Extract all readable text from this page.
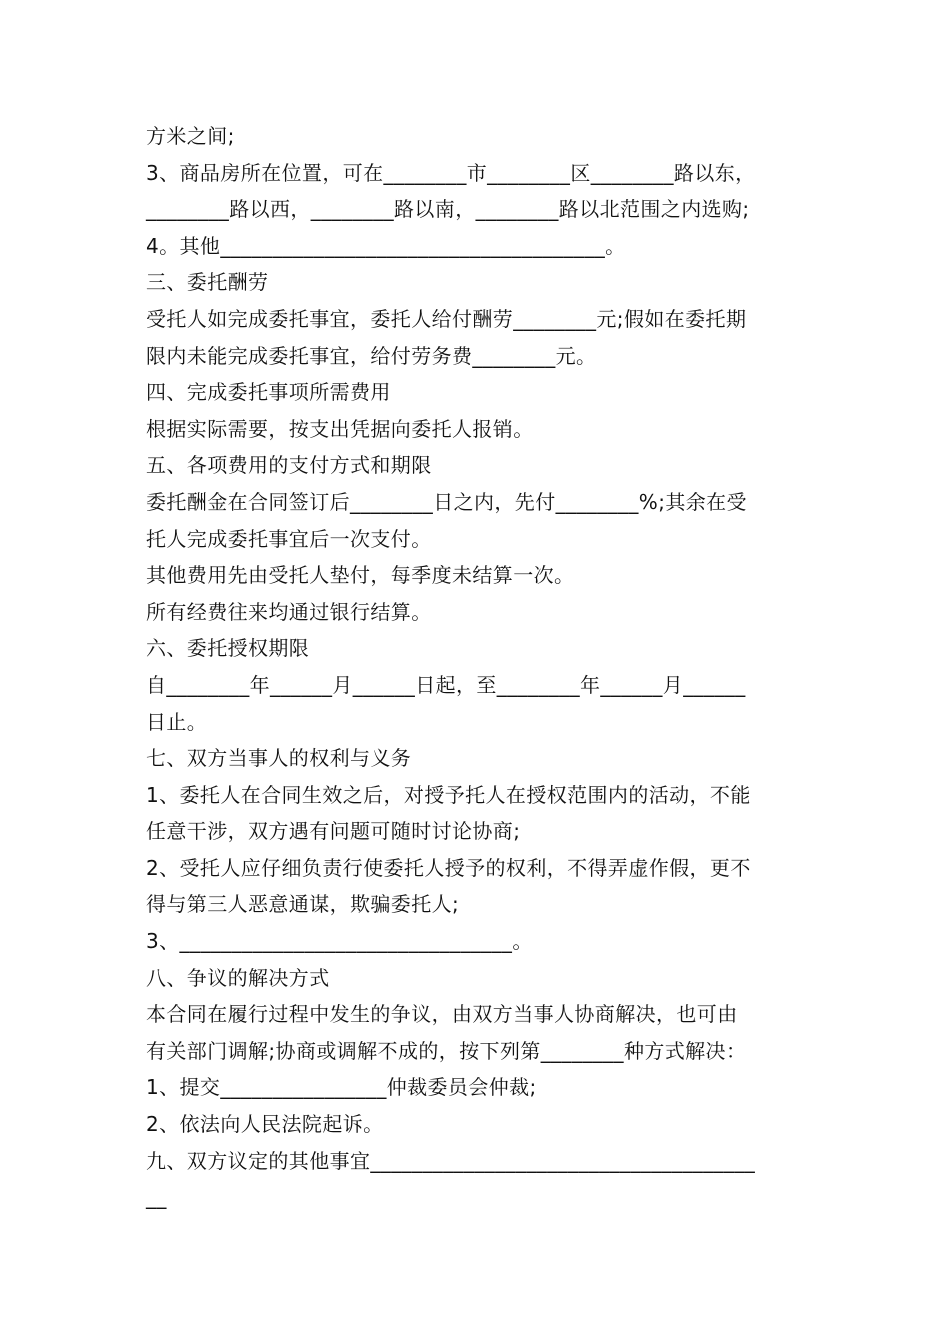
方米之间;
3、商品房所在位置，可在________市________区________路以东，
________路以西，________路以南，________路以北范围之内选购;
4。其他_____________________________________。
三、委托酬劳
受托人如完成委托事宜，委托人给付酬劳________元;假如在委托期
限内未能完成委托事宜，给付劳务费________元。
四、完成委托事项所需费用
根据实际需要，按支出凭据向委托人报销。
五、各项费用的支付方式和期限
委托酬金在合同签订后________日之内，先付________%;其余在受
托人完成委托事宜后一次支付。
其他费用先由受托人垫付，每季度未结算一次。
所有经费往来均通过银行结算。
六、委托授权期限
自________年______月______日起，至________年______月______
日止。
七、双方当事人的权利与义务
1、委托人在合同生效之后，对授予托人在授权范围内的活动，不能
任意干涉，双方遇有问题可随时讨论协商;
2、受托人应仔细负责行使委托人授予的权利，不得弄虚作假，更不
得与第三人恶意通谋，欺骗委托人;
3、________________________________。
八、争议的解决方式
本合同在履行过程中发生的争议，由双方当事人协商解决，也可由
有关部门调解;协商或调解不成的，按下列第________种方式解决：
1、提交________________仲裁委员会仲裁;
2、依法向人民法院起诉。
九、双方议定的其他事宜_____________________________________
__
